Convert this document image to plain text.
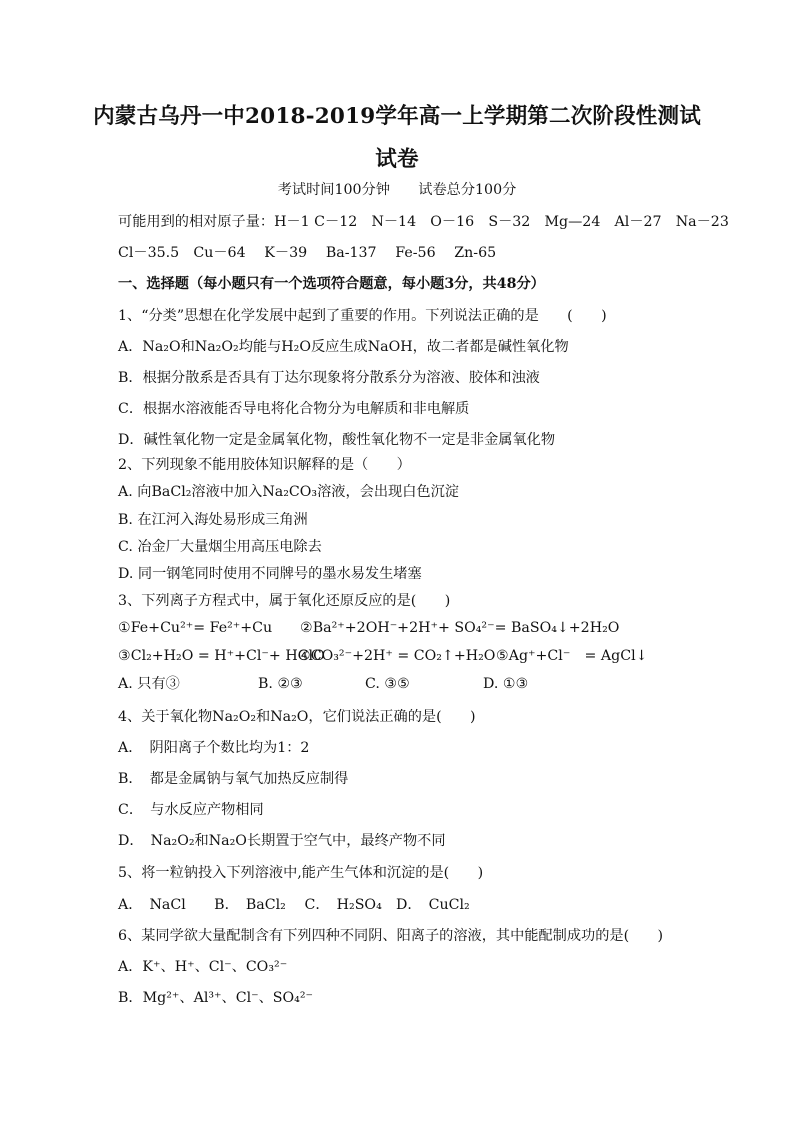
内蒙古乌丹一中2018-2019学年高一上学期第二次阶段性测试
试卷
考试时间100分钟　　试卷总分100分
可能用到的相对原子量：H－1 C－12　N－14　O－16　S－32　Mg—24　Al－27　Na－23
Cl－35.5　Cu－64　 K－39　 Ba-137　 Fe-56　 Zn-65
一、选择题（每小题只有一个选项符合题意，每小题3分，共48分）
1、“分类”思想在化学发展中起到了重要的作用。下列说法正确的是　　(　　)
A．Na₂O和Na₂O₂均能与H₂O反应生成NaOH，故二者都是碱性氧化物
B．根据分散系是否具有丁达尔现象将分散系分为溶液、胶体和浊液
C．根据水溶液能否导电将化合物分为电解质和非电解质
D．碱性氧化物一定是金属氧化物，酸性氧化物不一定是非金属氧化物
2、下列现象不能用胶体知识解释的是（　　）
A. 向BaCl₂溶液中加入Na₂CO₃溶液，会出现白色沉淀
B. 在江河入海处易形成三角洲
C. 冶金厂大量烟尘用高压电除去
D. 同一钢笔同时使用不同牌号的墨水易发生堵塞
3、下列离子方程式中，属于氧化还原反应的是(　　)
①Fe+Cu²⁺= Fe²⁺+Cu ②Ba²⁺+2OH⁻+2H⁺+ SO₄²⁻= BaSO₄↓+2H₂O
③Cl₂+H₂O = H⁺+Cl⁻+ HClO
④CO₃²⁻+2H⁺ = CO₂↑+H₂O ⑤Ag⁺+Cl⁻　= AgCl↓
A. 只有③	B. ②③	C. ③⑤	D. ①③
4、关于氧化物Na₂O₂和Na₂O，它们说法正确的是(　　)
A．　阴阳离子个数比均为1：2
B．　都是金属钠与氧气加热反应制得
C．　与水反应产物相同
D．　Na₂O₂和Na₂O长期置于空气中，最终产物不同
5、将一粒钠投入下列溶液中,能产生气体和沉淀的是(　　)
A．　NaCl　　B．　BaCl₂　 C．　H₂SO₄　D．　CuCl₂
6、某同学欲大量配制含有下列四种不同阴、阳离子的溶液，其中能配制成功的是(　　)
A．K⁺、H⁺、Cl⁻、CO₃²⁻
B．Mg²⁺、Al³⁺、Cl⁻、SO₄²⁻
